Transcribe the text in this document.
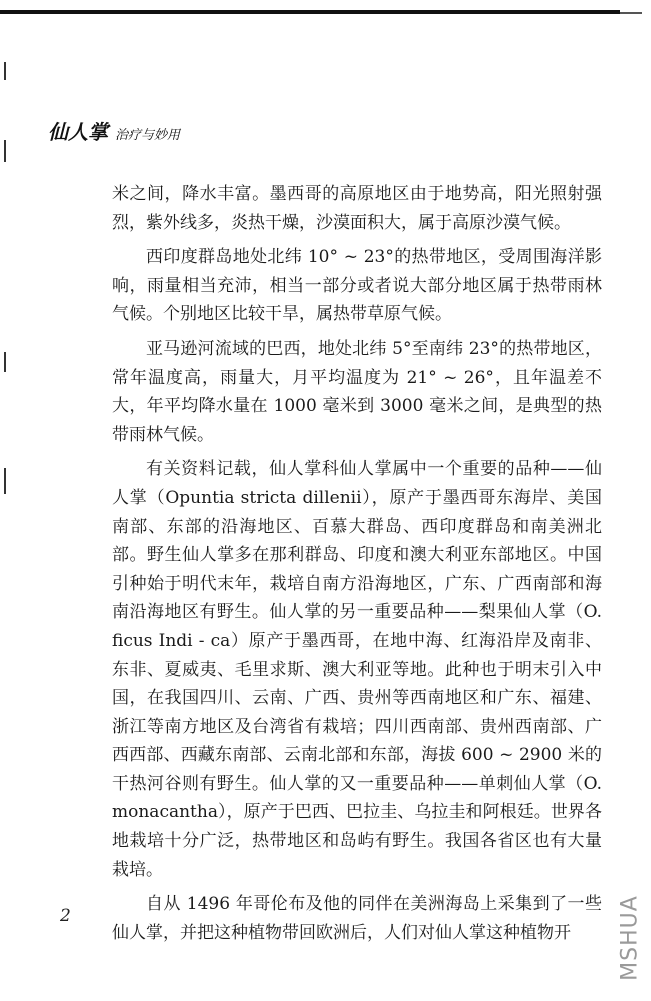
仙人掌 治疗与妙用

米之间，降水丰富。墨西哥的高原地区由于地势高，阳光照射强烈，紫外线多，炎热干燥，沙漠面积大，属于高原沙漠气候。

西印度群岛地处北纬 10° ~ 23°的热带地区，受周围海洋影响，雨量相当充沛，相当一部分或者说大部分地区属于热带雨林气候。个别地区比较干旱，属热带草原气候。

亚马逊河流域的巴西，地处北纬 5°至南纬 23°的热带地区，常年温度高，雨量大，月平均温度为 21° ~ 26°，且年温差不大，年平均降水量在 1000 毫米到 3000 毫米之间，是典型的热带雨林气候。

有关资料记载，仙人掌科仙人掌属中一个重要的品种——仙人掌（Opuntia stricta dillenii），原产于墨西哥东海岸、美国南部、东部的沿海地区、百慕大群岛、西印度群岛和南美洲北部。野生仙人掌多在那利群岛、印度和澳大利亚东部地区。中国引种始于明代末年，栽培自南方沿海地区，广东、广西南部和海南沿海地区有野生。仙人掌的另一重要品种——梨果仙人掌（O. ficus Indi - ca）原产于墨西哥，在地中海、红海沿岸及南非、东非、夏威夷、毛里求斯、澳大利亚等地。此种也于明末引入中国，在我国四川、云南、广西、贵州等西南地区和广东、福建、浙江等南方地区及台湾省有栽培；四川西南部、贵州西南部、广西西部、西藏东南部、云南北部和东部，海拔 600 ~ 2900 米的干热河谷则有野生。仙人掌的又一重要品种——单刺仙人掌（O. monacantha），原产于巴西、巴拉圭、乌拉圭和阿根廷。世界各地栽培十分广泛，热带地区和岛屿有野生。我国各省区也有大量栽培。

自从 1496 年哥伦布及他的同伴在美洲海岛上采集到了一些仙人掌，并把这种植物带回欧洲后，人们对仙人掌这种植物开

2	MSHUA
